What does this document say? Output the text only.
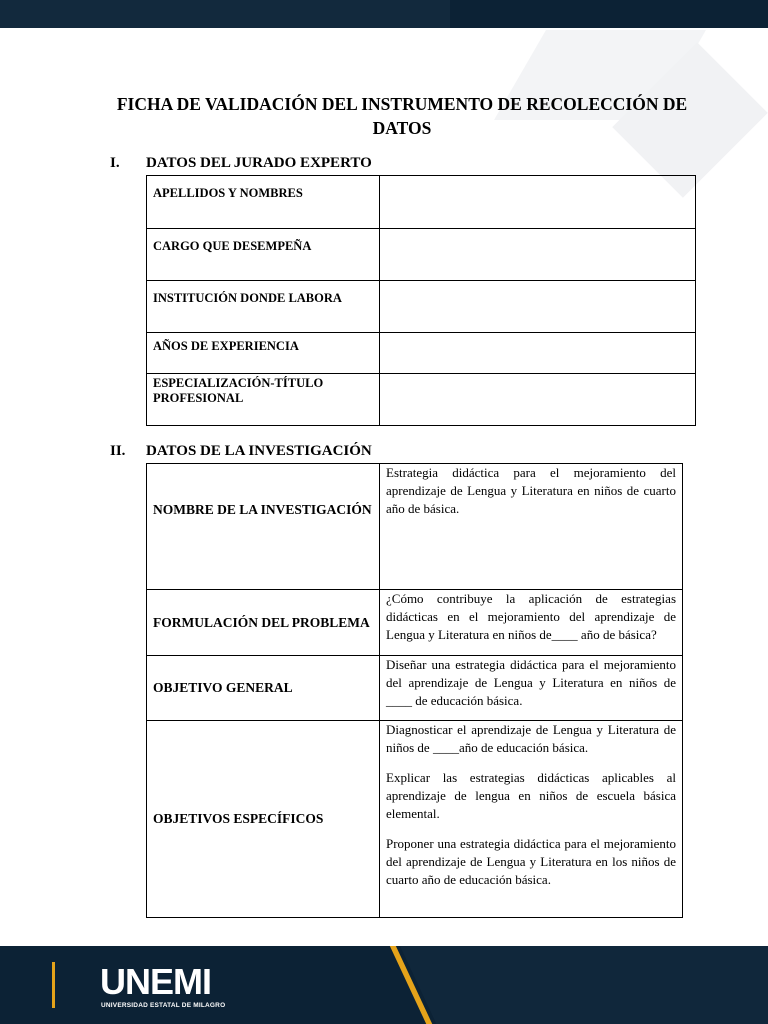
FICHA DE VALIDACIÓN DEL INSTRUMENTO DE RECOLECCIÓN DE DATOS
I. DATOS DEL JURADO EXPERTO
APELLIDOS Y NOMBRES	
CARGO QUE DESEMPEÑA	
INSTITUCIÓN DONDE LABORA	
AÑOS DE EXPERIENCIA	
ESPECIALIZACIÓN-TÍTULO PROFESIONAL	
II. DATOS DE LA INVESTIGACIÓN
NOMBRE DE LA INVESTIGACIÓN	Estrategia didáctica para el mejoramiento del aprendizaje de Lengua y Literatura en niños de cuarto año de básica.
FORMULACIÓN DEL PROBLEMA	¿Cómo contribuye la aplicación de estrategias didácticas en el mejoramiento del aprendizaje de Lengua y Literatura en niños de____ año de básica?
OBJETIVO GENERAL	Diseñar una estrategia didáctica para el mejoramiento del aprendizaje de Lengua y Literatura en niños de ____ de educación básica.
OBJETIVOS ESPECÍFICOS	Diagnosticar el aprendizaje de Lengua y Literatura de niños de ____año de educación básica.

Explicar las estrategias didácticas aplicables al aprendizaje de lengua en niños de escuela básica elemental.

Proponer una estrategia didáctica para el mejoramiento del aprendizaje de Lengua y Literatura en los niños de cuarto año de educación básica.

UNEMI
UNIVERSIDAD ESTATAL DE MILAGRO
